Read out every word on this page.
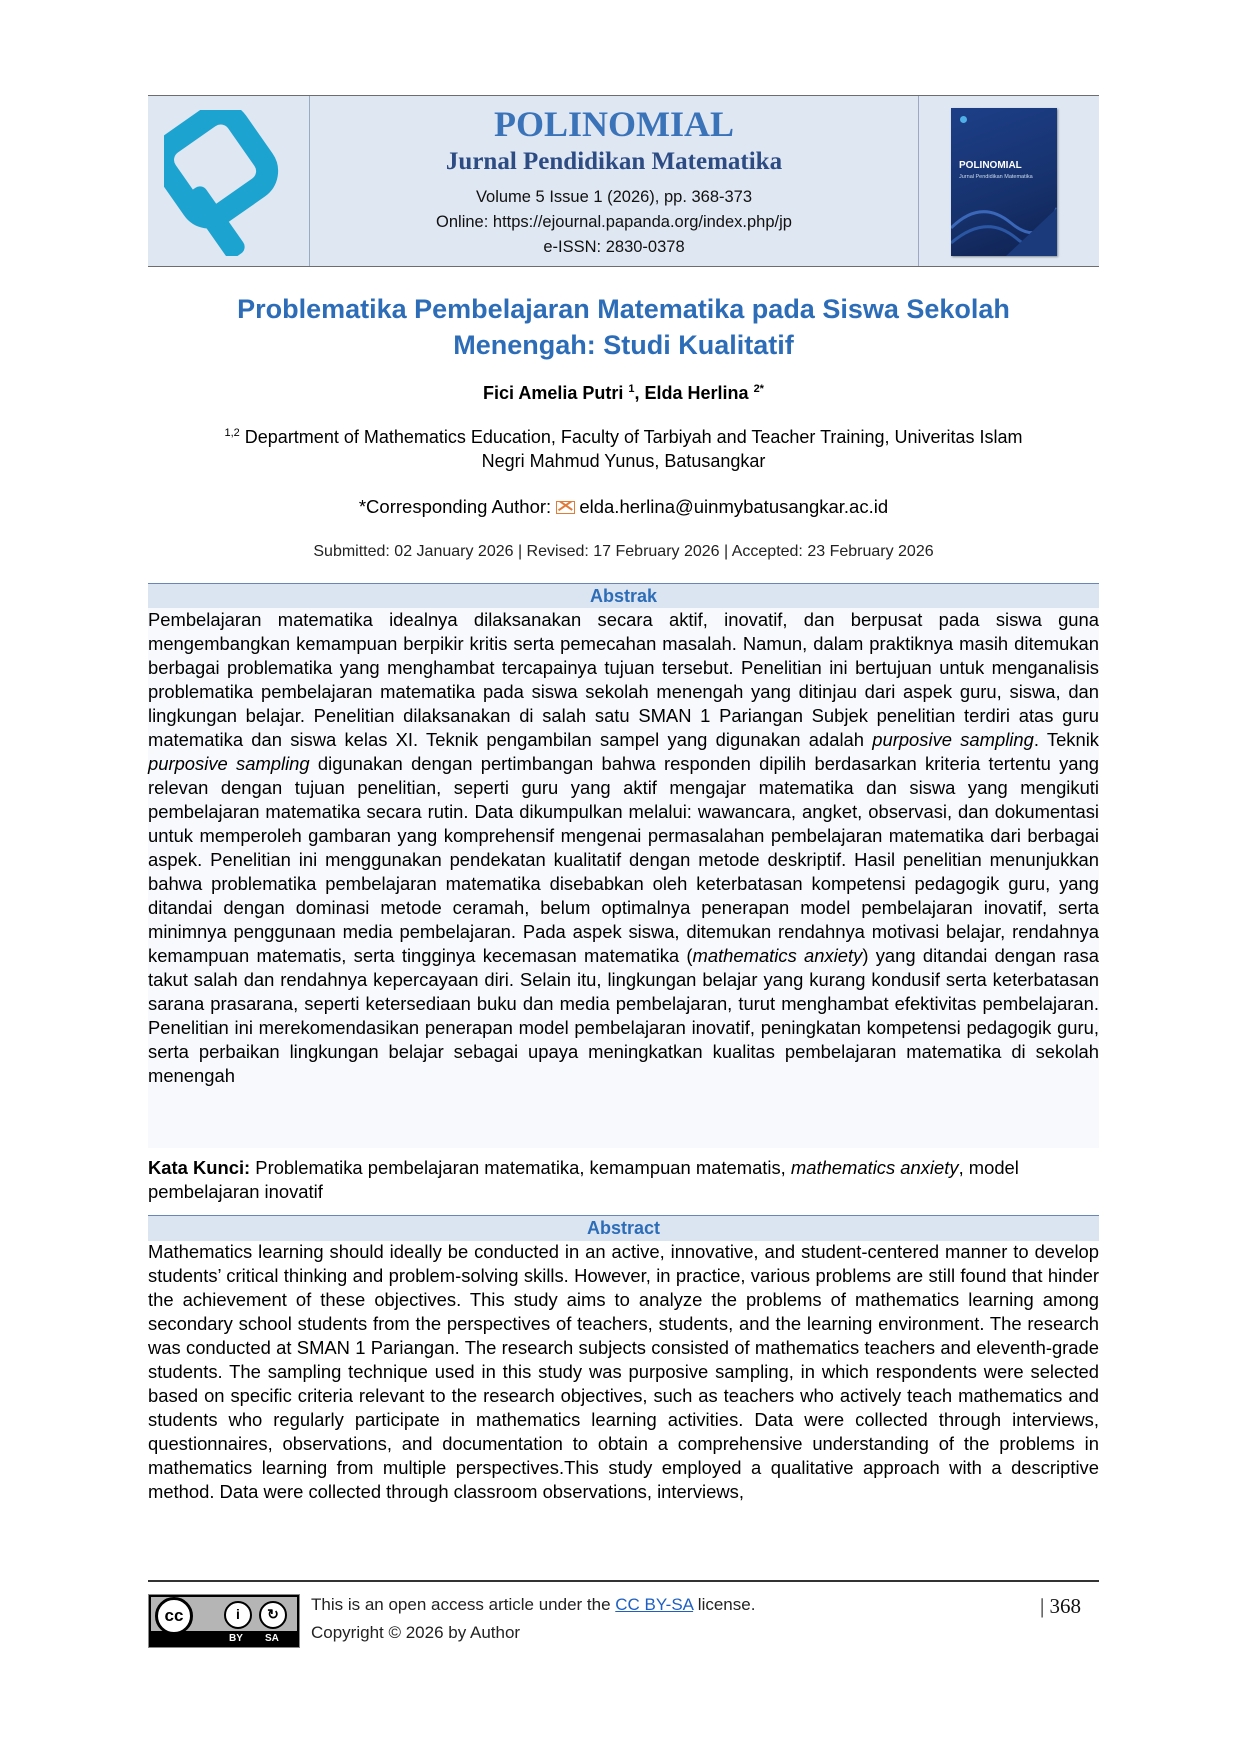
POLINOMIAL
Jurnal Pendidikan Matematika
Volume 5 Issue 1 (2026), pp. 368-373
Online: https://ejournal.papanda.org/index.php/jp
e-ISSN: 2830-0378
POLINOMIAL
Jurnal Pendidikan Matematika
Problematika Pembelajaran Matematika pada Siswa Sekolah
Menengah: Studi Kualitatif
Fici Amelia Putri $^1$, Elda Herlina $^{2*}$
$^{1,2}$ Department of Mathematics Education, Faculty of Tarbiyah and Teacher Training, Univeritas Islam
Negri Mahmud Yunus, Batusangkar
*Corresponding Author: elda.herlina@uinmybatusangkar.ac.id
Submitted: 02 January 2026 | Revised: 17 February 2026 | Accepted: 23 February 2026
Abstrak
Pembelajaran matematika idealnya dilaksanakan secara aktif, inovatif, dan berpusat pada siswa guna mengembangkan kemampuan berpikir kritis serta pemecahan masalah. Namun, dalam praktiknya masih ditemukan berbagai problematika yang menghambat tercapainya tujuan tersebut. Penelitian ini bertujuan untuk menganalisis problematika pembelajaran matematika pada siswa sekolah menengah yang ditinjau dari aspek guru, siswa, dan lingkungan belajar. Penelitian dilaksanakan di salah satu SMAN 1 Pariangan Subjek penelitian terdiri atas guru matematika dan siswa kelas XI. Teknik pengambilan sampel yang digunakan adalah purposive sampling. Teknik purposive sampling digunakan dengan pertimbangan bahwa responden dipilih berdasarkan kriteria tertentu yang relevan dengan tujuan penelitian, seperti guru yang aktif mengajar matematika dan siswa yang mengikuti pembelajaran matematika secara rutin. Data dikumpulkan melalui: wawancara, angket, observasi, dan dokumentasi untuk memperoleh gambaran yang komprehensif mengenai permasalahan pembelajaran matematika dari berbagai aspek. Penelitian ini menggunakan pendekatan kualitatif dengan metode deskriptif. Hasil penelitian menunjukkan bahwa problematika pembelajaran matematika disebabkan oleh keterbatasan kompetensi pedagogik guru, yang ditandai dengan dominasi metode ceramah, belum optimalnya penerapan model pembelajaran inovatif, serta minimnya penggunaan media pembelajaran. Pada aspek siswa, ditemukan rendahnya motivasi belajar, rendahnya kemampuan matematis, serta tingginya kecemasan matematika (mathematics anxiety) yang ditandai dengan rasa takut salah dan rendahnya kepercayaan diri. Selain itu, lingkungan belajar yang kurang kondusif serta keterbatasan sarana prasarana, seperti ketersediaan buku dan media pembelajaran, turut menghambat efektivitas pembelajaran. Penelitian ini merekomendasikan penerapan model pembelajaran inovatif, peningkatan kompetensi pedagogik guru, serta perbaikan lingkungan belajar sebagai upaya meningkatkan kualitas pembelajaran matematika di sekolah menengah
Kata Kunci: Problematika pembelajaran matematika, kemampuan matematis, mathematics anxiety, model pembelajaran inovatif
Abstract
Mathematics learning should ideally be conducted in an active, innovative, and student-centered manner to develop students’ critical thinking and problem-solving skills. However, in practice, various problems are still found that hinder the achievement of these objectives. This study aims to analyze the problems of mathematics learning among secondary school students from the perspectives of teachers, students, and the learning environment. The research was conducted at SMAN 1 Pariangan. The research subjects consisted of mathematics teachers and eleventh-grade students. The sampling technique used in this study was purposive sampling, in which respondents were selected based on specific criteria relevant to the research objectives, such as teachers who actively teach mathematics and students who regularly participate in mathematics learning activities. Data were collected through interviews, questionnaires, observations, and documentation to obtain a comprehensive understanding of the problems in mathematics learning from multiple perspectives.This study employed a qualitative approach with a descriptive method. Data were collected through classroom observations, interviews,
cc	i	↻
BY SA
This is an open access article under the CC BY-SA license.
Copyright © 2026 by Author
| 368
